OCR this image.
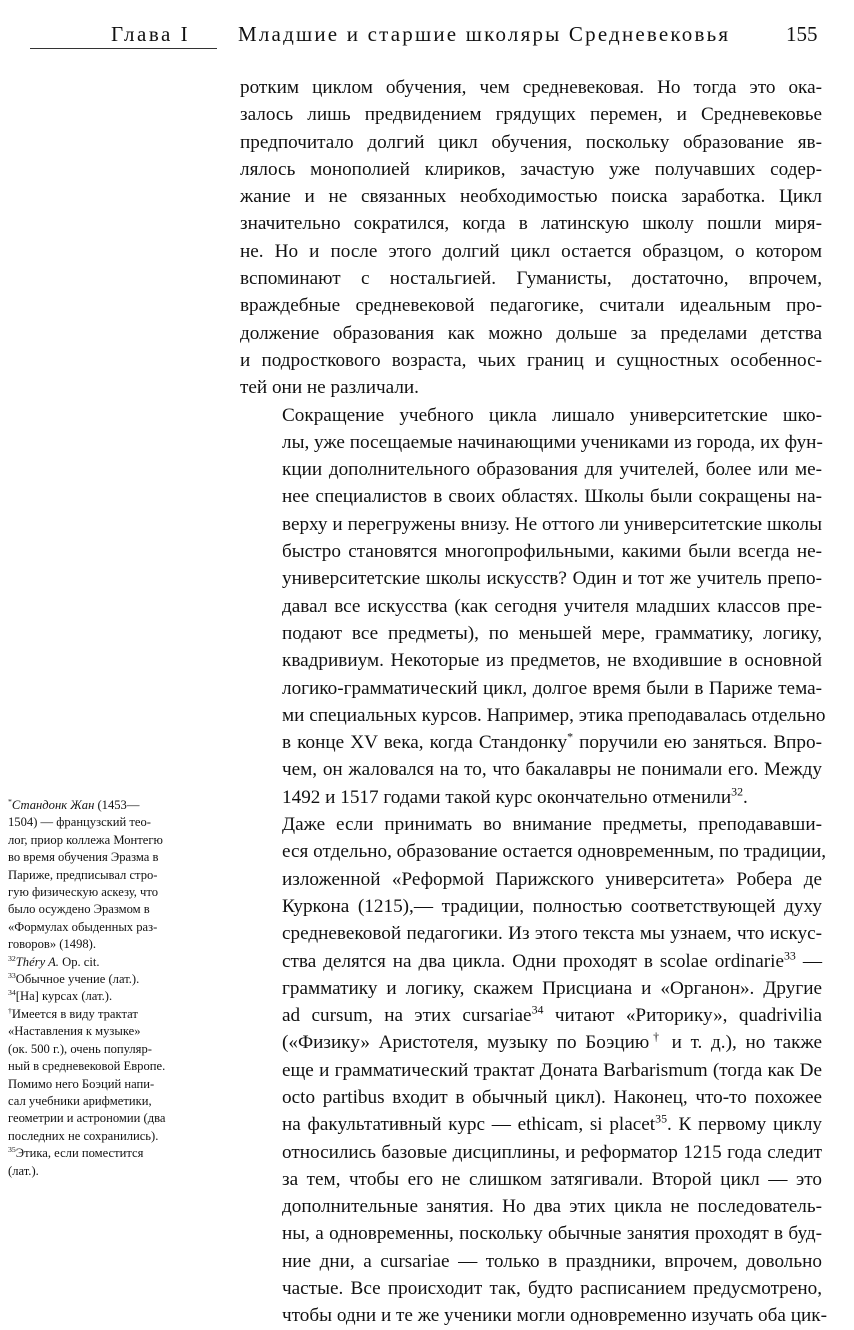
Глава I Младшие и старшие школяры Средневековья	155

ротким циклом обучения, чем средневековая. Но тогда это ока-
залось лишь предвидением грядущих перемен, и Средневековье
предпочитало долгий цикл обучения, поскольку образование яв-
лялось монополией клириков, зачастую уже получавших содер-
жание и не связанных необходимостью поиска заработка. Цикл
значительно сократился, когда в латинскую школу пошли миря-
не. Но и после этого долгий цикл остается образцом, о котором
вспоминают с ностальгией. Гуманисты, достаточно, впрочем,
враждебные средневековой педагогике, считали идеальным про-
должение образования как можно дольше за пределами детства
и подросткового возраста, чьих границ и сущностных особеннос-
тей они не различали.

Сокращение учебного цикла лишало университетские шко-
лы, уже посещаемые начинающими учениками из города, их фун-
кции дополнительного образования для учителей, более или ме-
нее специалистов в своих областях. Школы были сокращены на-
верху и перегружены внизу. Не оттого ли университетские школы
быстро становятся многопрофильными, какими были всегда не-
университетские школы искусств? Один и тот же учитель препо-
давал все искусства (как сегодня учителя младших классов пре-
подают все предметы), по меньшей мере, грамматику, логику,
квадривиум. Некоторые из предметов, не входившие в основной
логико-грамматический цикл, долгое время были в Париже тема-
ми специальных курсов. Например, этика преподавалась отдельно
в конце XV века, когда Стандонку* поручили ею заняться. Впро-
чем, он жаловался на то, что бакалавры не понимали его. Между
1492 и 1517 годами такой курс окончательно отменили$^{32}$.

Даже если принимать во внимание предметы, преподававши-
еся отдельно, образование остается одновременным, по традиции,
изложенной «Реформой Парижского университета» Робера де
Куркона (1215),— традиции, полностью соответствующей духу
средневековой педагогики. Из этого текста мы узнаем, что искус-
ства делятся на два цикла. Одни проходят в scolae ordinarie$^{33}$ —
грамматику и логику, скажем Присциана и «Органон». Другие
ad cursum, на этих cursariae$^{34}$ читают «Риторику», quadrivilia
(«Физику» Аристотеля, музыку по Боэцию† и т. д.), но также
еще и грамматический трактат Доната Barbarismum (тогда как De
octo partibus входит в обычный цикл). Наконец, что-то похожее
на факультативный курс — ethicam, si placet$^{35}$. К первому циклу
относились базовые дисциплины, и реформатор 1215 года следит
за тем, чтобы его не слишком затягивали. Второй цикл — это
дополнительные занятия. Но два этих цикла не последователь-
ны, а одновременны, поскольку обычные занятия проходят в буд-
ние дни, а cursariae — только в праздники, впрочем, довольно
частые. Все происходит так, будто расписанием предусмотрено,
чтобы одни и те же ученики могли одновременно изучать оба цик-

*Стандонк Жан (1453—
1504) — французский тео-
лог, приор коллежа Монтегю
во время обучения Эразма в
Париже, предписывал стро-
гую физическую аскезу, что
было осуждено Эразмом в
«Формулах обыденных раз-
говоров» (1498).
$^{32}$Théry A. Op. cit.
$^{33}$Обычное учение (лат.).
$^{34}$[На] курсах (лат.).
†Имеется в виду трактат
«Наставления к музыке»
(ок. 500 г.), очень популяр-
ный в средневековой Европе.
Помимо него Боэций напи-
сал учебники арифметики,
геометрии и астрономии (два
последних не сохранились).
$^{35}$Этика, если поместится
(лат.).
